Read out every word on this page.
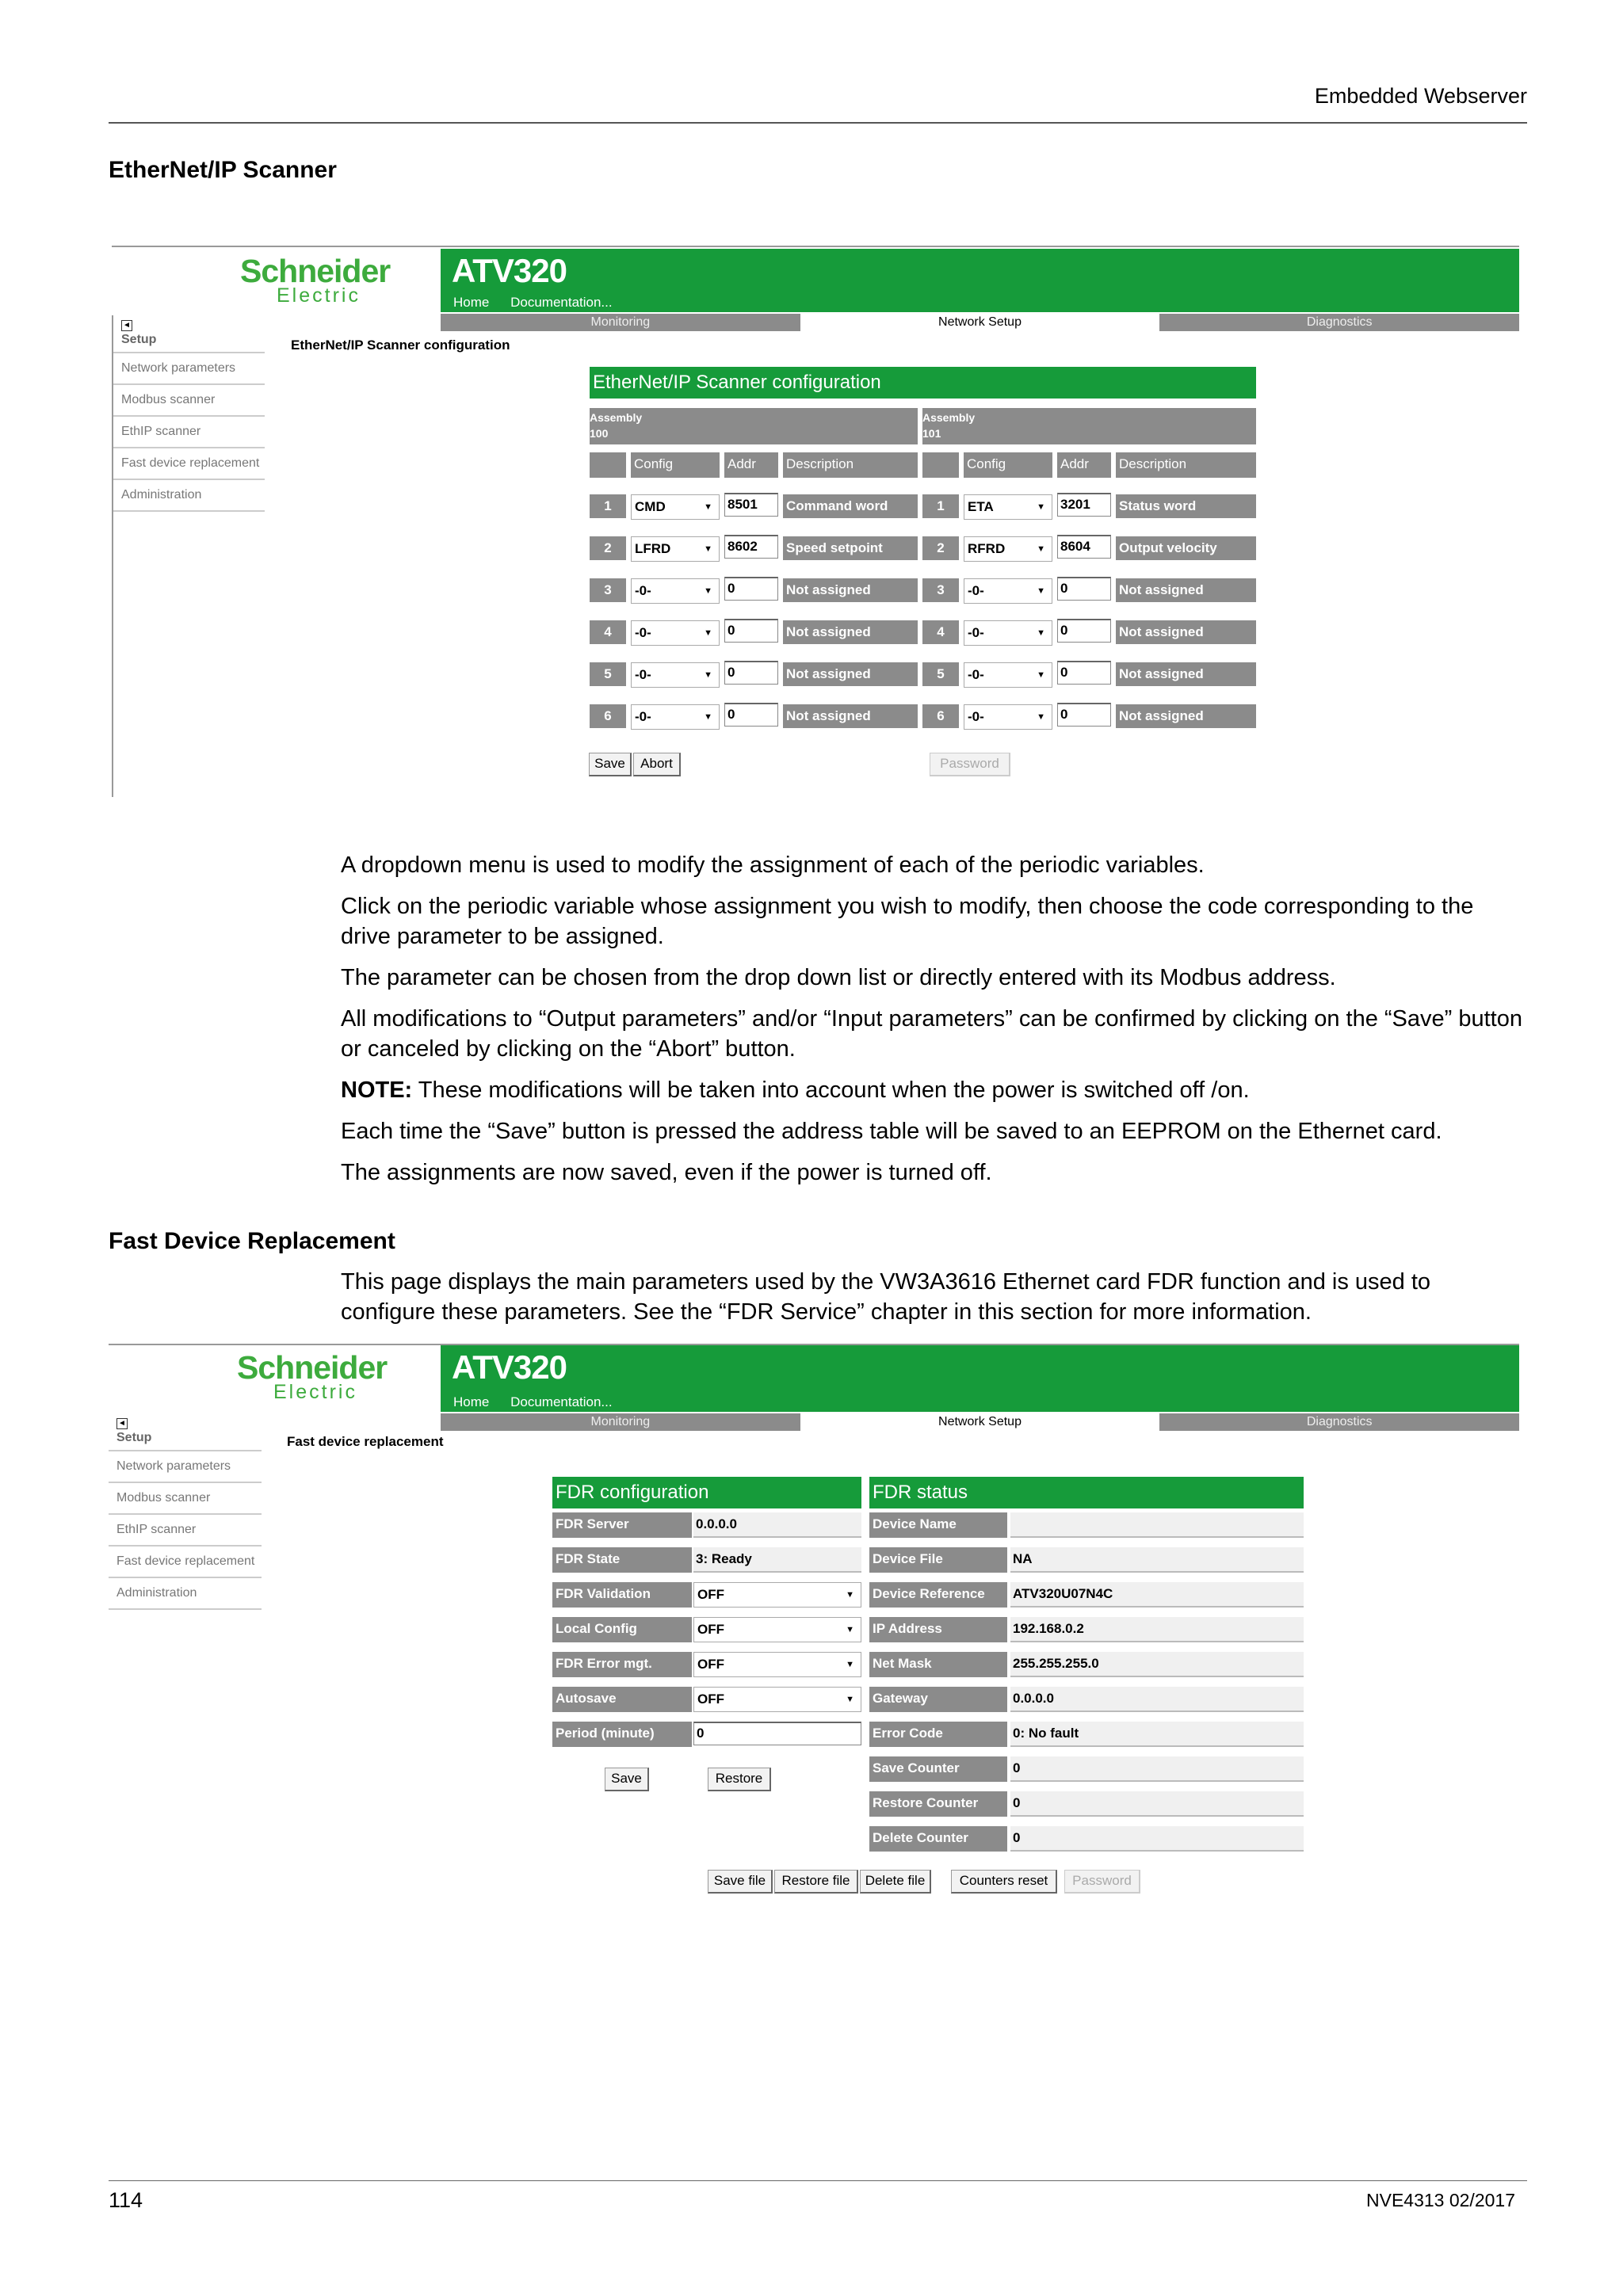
Embedded Webserver
EtherNet/IP Scanner
Schneider
Electric
ATV320
Home Documentation...
Monitoring	Network Setup	Diagnostics
◄
Setup
Network parameters
Modbus scanner
EthIP scanner
Fast device replacement
Administration
EtherNet/IP Scanner configuration
EtherNet/IP Scanner configuration
Assembly
100
Assembly
101
Config	Addr	Description	Config	Addr	Description
1	CMD	▼ 8501	Command word	1	ETA	▼ 3201	Status word
2	LFRD	▼ 8602	Speed setpoint	2	RFRD	▼ 8604	Output velocity
3	-0-	▼ 0	Not assigned	3	-0-	▼ 0	Not assigned
4	-0-	▼ 0	Not assigned	4	-0-	▼ 0	Not assigned
5	-0-	▼ 0	Not assigned	5	-0-	▼ 0	Not assigned
6	-0-	▼ 0	Not assigned	6	-0-	▼ 0	Not assigned
Save	Abort	Password
A dropdown menu is used to modify the assignment of each of the periodic variables.
Click on the periodic variable whose assignment you wish to modify, then choose the code corresponding to the drive parameter to be assigned.
The parameter can be chosen from the drop down list or directly entered with its Modbus address.
All modifications to “Output parameters” and/or “Input parameters” can be confirmed by clicking on the “Save” button or canceled by clicking on the “Abort” button.
NOTE: These modifications will be taken into account when the power is switched off /on.
Each time the “Save” button is pressed the address table will be saved to an EEPROM on the Ethernet card.
The assignments are now saved, even if the power is turned off.
Fast Device Replacement
This page displays the main parameters used by the VW3A3616 Ethernet card FDR function and is used to configure these parameters. See the “FDR Service” chapter in this section for more information.
Schneider
Electric
ATV320
Home Documentation...
Monitoring	Network Setup	Diagnostics
◄
Setup
Network parameters
Modbus scanner
EthIP scanner
Fast device replacement
Administration
Fast device replacement
FDR configuration	FDR status
FDR Server	0.0.0.0
FDR State	3: Ready
FDR Validation	OFF	▼
Local Config	OFF	▼
FDR Error mgt.	OFF	▼
Autosave	OFF	▼
Period (minute)	0
Device Name
Device File	NA
Device Reference	ATV320U07N4C
IP Address	192.168.0.2
Net Mask	255.255.255.0
Gateway	0.0.0.0
Error Code	0: No fault
Save Counter	0
Restore Counter	0
Delete Counter	0
Save	Restore
Save file	Restore file	Delete file	Counters reset	Password
114	NVE4313 02/2017
